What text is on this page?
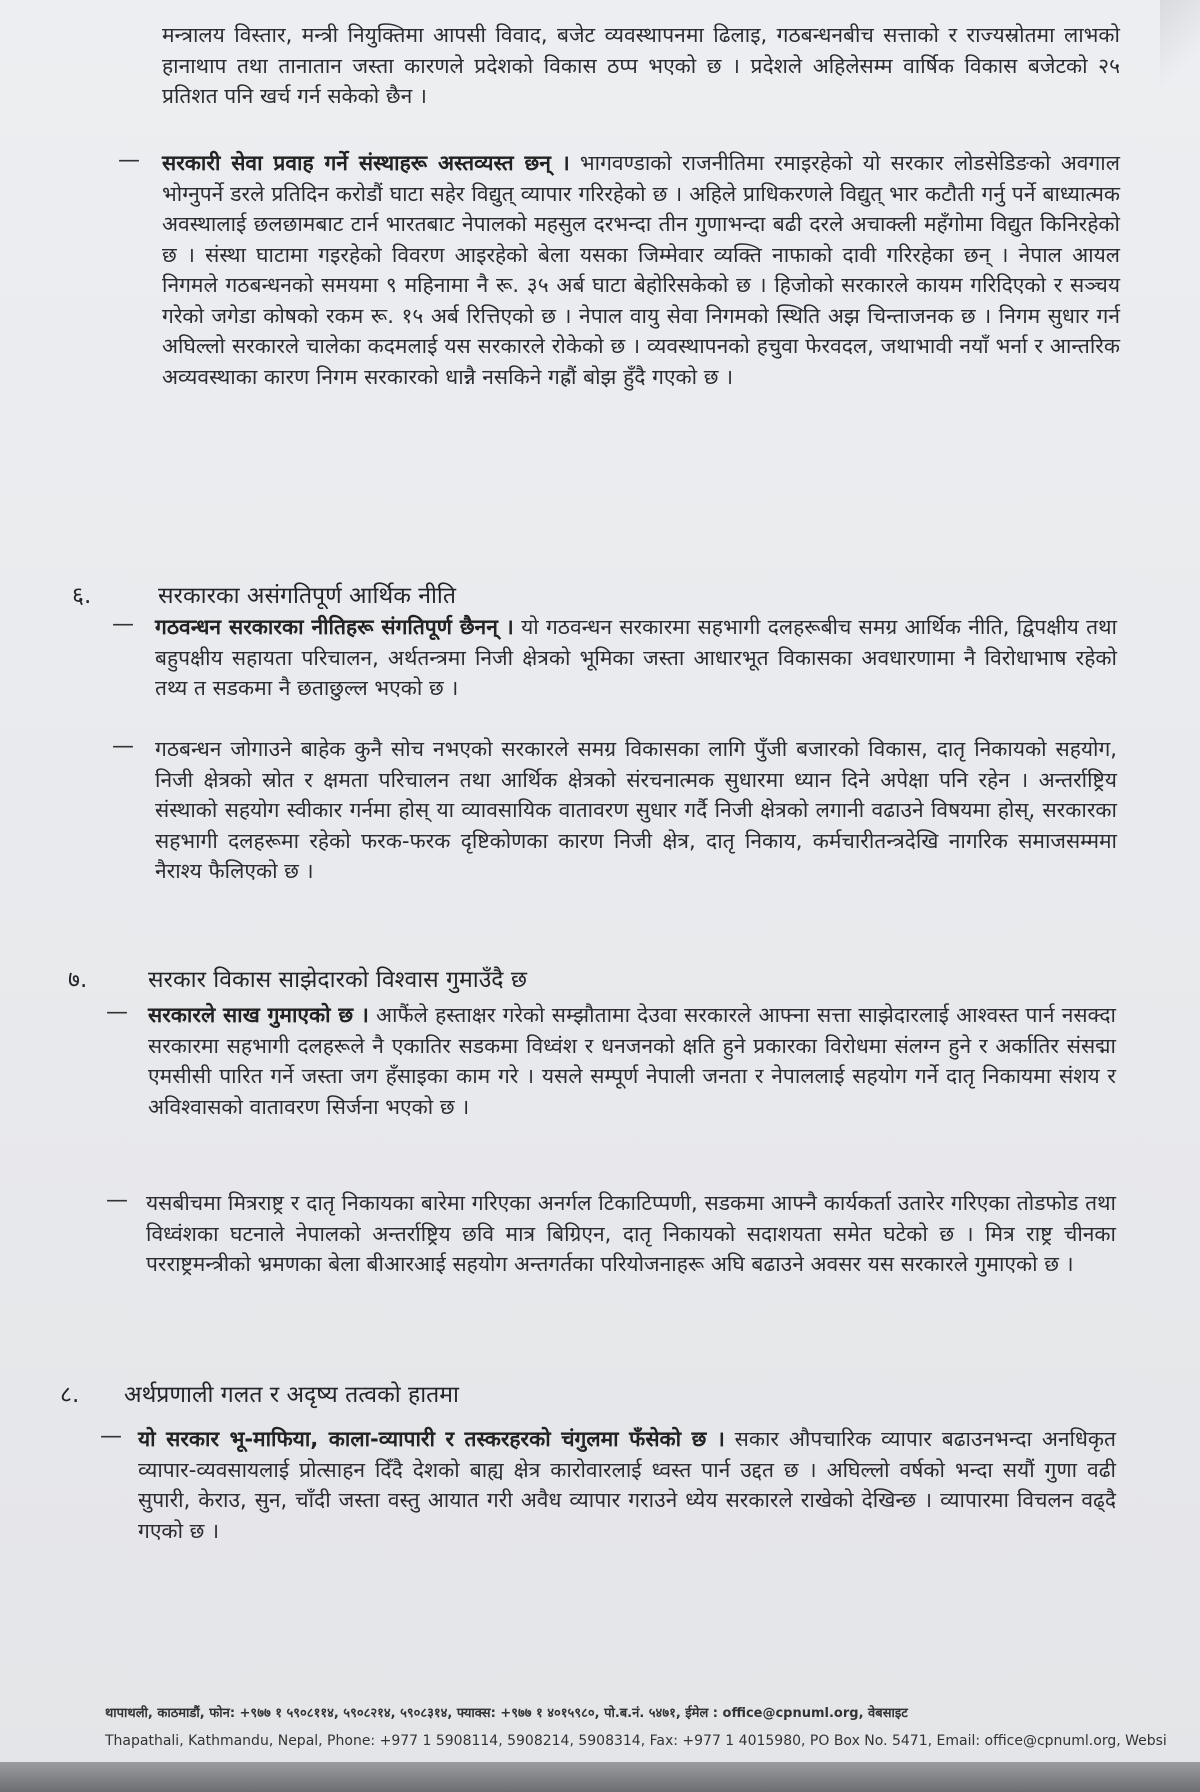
मन्त्रालय विस्तार, मन्त्री नियुक्तिमा आपसी विवाद, बजेट व्यवस्थापनमा ढिलाइ, गठबन्धनबीच सत्ताको र राज्यस्रोतमा लाभको हानाथाप तथा तानातान जस्ता कारणले प्रदेशको विकास ठप्प भएको छ । प्रदेशले अहिलेसम्म वार्षिक विकास बजेटको २५ प्रतिशत पनि खर्च गर्न सकेको छैन ।
— सरकारी सेवा प्रवाह गर्ने संस्थाहरू अस्तव्यस्त छन् । भागवण्डाको राजनीतिमा रमाइरहेको यो सरकार लोडसेडिङको अवगाल भोग्नुपर्ने डरले प्रतिदिन करोडौं घाटा सहेर विद्युत् व्यापार गरिरहेको छ । अहिले प्राधिकरणले विद्युत् भार कटौती गर्नु पर्ने बाध्यात्मक अवस्थालाई छलछामबाट टार्न भारतबाट नेपालको महसुल दरभन्दा तीन गुणाभन्दा बढी दरले अचाक्ली महँगोमा विद्युत किनिरहेको छ । संस्था घाटामा गइरहेको विवरण आइरहेको बेला यसका जिम्मेवार व्यक्ति नाफाको दावी गरिरहेका छन् । नेपाल आयल निगमले गठबन्धनको समयमा ९ महिनामा नै रू. ३५ अर्ब घाटा बेहोरिसकेको छ । हिजोको सरकारले कायम गरिदिएको र सञ्चय गरेको जगेडा कोषको रकम रू. १५ अर्ब रित्तिएको छ । नेपाल वायु सेवा निगमको स्थिति अझ चिन्ताजनक छ । निगम सुधार गर्न अघिल्लो सरकारले चालेका कदमलाई यस सरकारले रोकेको छ । व्यवस्थापनको हचुवा फेरवदल, जथाभावी नयाँ भर्ना र आन्तरिक अव्यवस्थाका कारण निगम सरकारको धान्नै नसकिने गह्रौं बोझ हुँदै गएको छ ।
६.	सरकारका असंगतिपूर्ण आर्थिक नीति
— गठवन्धन सरकारका नीतिहरू संगतिपूर्ण छैनन् । यो गठवन्धन सरकारमा सहभागी दलहरूबीच समग्र आर्थिक नीति, द्विपक्षीय तथा बहुपक्षीय सहायता परिचालन, अर्थतन्त्रमा निजी क्षेत्रको भूमिका जस्ता आधारभूत विकासका अवधारणामा नै विरोधाभाष रहेको तथ्य त सडकमा नै छताछुल्ल भएको छ ।
— गठबन्धन जोगाउने बाहेक कुनै सोच नभएको सरकारले समग्र विकासका लागि पुँजी बजारको विकास, दातृ निकायको सहयोग, निजी क्षेत्रको स्रोत र क्षमता परिचालन तथा आर्थिक क्षेत्रको संरचनात्मक सुधारमा ध्यान दिने अपेक्षा पनि रहेन । अन्तर्राष्ट्रिय संस्थाको सहयोग स्वीकार गर्नमा होस् या व्यावसायिक वातावरण सुधार गर्दै निजी क्षेत्रको लगानी वढाउने विषयमा होस्, सरकारका सहभागी दलहरूमा रहेको फरक-फरक दृष्टिकोणका कारण निजी क्षेत्र, दातृ निकाय, कर्मचारीतन्त्रदेखि नागरिक समाजसम्ममा नैराश्य फैलिएको छ ।
७.	सरकार विकास साझेदारको विश्वास गुमाउँदै छ
— सरकारले साख गुमाएको छ । आफैंले हस्ताक्षर गरेको सम्झौतामा देउवा सरकारले आफ्ना सत्ता साझेदारलाई आश्वस्त पार्न नसक्दा सरकारमा सहभागी दलहरूले नै एकातिर सडकमा विध्वंश र धनजनको क्षति हुने प्रकारका विरोधमा संलग्न हुने र अर्कातिर संसद्मा एमसीसी पारित गर्ने जस्ता जग हँसाइका काम गरे । यसले सम्पूर्ण नेपाली जनता र नेपाललाई सहयोग गर्ने दातृ निकायमा संशय र अविश्वासको वातावरण सिर्जना भएको छ ।
— यसबीचमा मित्रराष्ट्र र दातृ निकायका बारेमा गरिएका अनर्गल टिकाटिप्पणी, सडकमा आफ्नै कार्यकर्ता उतारेर गरिएका तोडफोड तथा विध्वंशका घटनाले नेपालको अन्तर्राष्ट्रिय छवि मात्र बिग्रिएन, दातृ निकायको सदाशयता समेत घटेको छ । मित्र राष्ट्र चीनका परराष्ट्रमन्त्रीको भ्रमणका बेला बीआरआई सहयोग अन्तगर्तका परियोजनाहरू अघि बढाउने अवसर यस सरकारले गुमाएको छ ।
८. अर्थप्रणाली गलत र अदृष्य तत्वको हातमा
— यो सरकार भू-माफिया, काला-व्यापारी र तस्करहरको चंगुलमा फँसेको छ । सकार औपचारिक व्यापार बढाउनभन्दा अनधिकृत व्यापार-व्यवसायलाई प्रोत्साहन दिँदै देशको बाह्य क्षेत्र कारोवारलाई ध्वस्त पार्न उद्दत छ । अघिल्लो वर्षको भन्दा सयौं गुणा वढी सुपारी, केराउ, सुन, चाँदी जस्ता वस्तु आयात गरी अवैध व्यापार गराउने ध्येय सरकारले राखेको देखिन्छ । व्यापारमा विचलन वढ्दै गएको छ ।
थापाथली, काठमाडौं, फोन: +९७७ १ ५९०८११४, ५९०८२१४, ५९०८३१४, फ्याक्स: +९७७ १ ४०१५९८०, पो.ब.नं. ५४७१, ईमेल : office@cpnuml.org, वेबसाइट
Thapathali, Kathmandu, Nepal, Phone: +977 1 5908114, 5908214, 5908314, Fax: +977 1 4015980, PO Box No. 5471, Email: office@cpnuml.org, Websi
